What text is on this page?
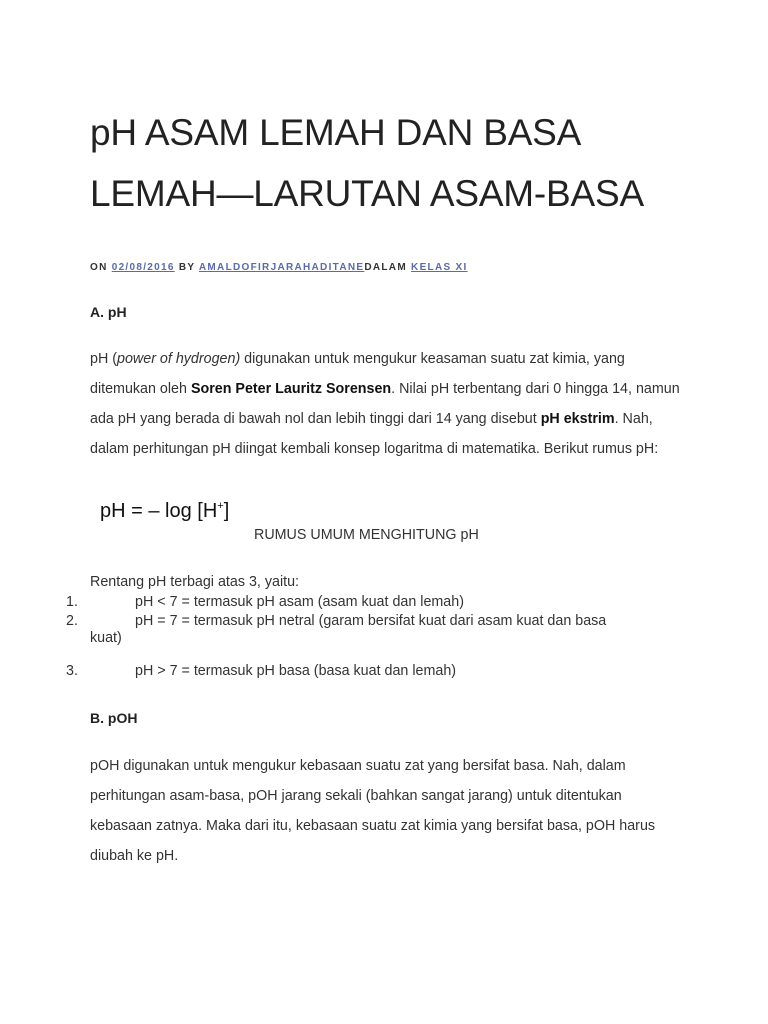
pH ASAM LEMAH DAN BASA LEMAH—LARUTAN ASAM-BASA
ON 02/08/2016 BY AMALDOFIRJARAHADITANEDALAM KELAS XI
A. pH
pH (power of hydrogen) digunakan untuk mengukur keasaman suatu zat kimia, yang ditemukan oleh Soren Peter Lauritz Sorensen. Nilai pH terbentang dari 0 hingga 14, namun ada pH yang berada di bawah nol dan lebih tinggi dari 14 yang disebut pH ekstrim. Nah, dalam perhitungan pH diingat kembali konsep logaritma di matematika. Berikut rumus pH:
pH = – log [H+]
RUMUS UMUM MENGHITUNG pH
Rentang pH terbagi atas 3, yaitu:
1.	pH < 7 = termasuk pH asam (asam kuat dan lemah)
2.	pH = 7 = termasuk pH netral (garam bersifat kuat dari asam kuat dan basa
kuat)
3.	pH > 7 = termasuk pH basa (basa kuat dan lemah)
B. pOH
pOH digunakan untuk mengukur kebasaan suatu zat yang bersifat basa. Nah, dalam perhitungan asam-basa, pOH jarang sekali (bahkan sangat jarang) untuk ditentukan kebasaan zatnya. Maka dari itu, kebasaan suatu zat kimia yang bersifat basa, pOH harus diubah ke pH.
